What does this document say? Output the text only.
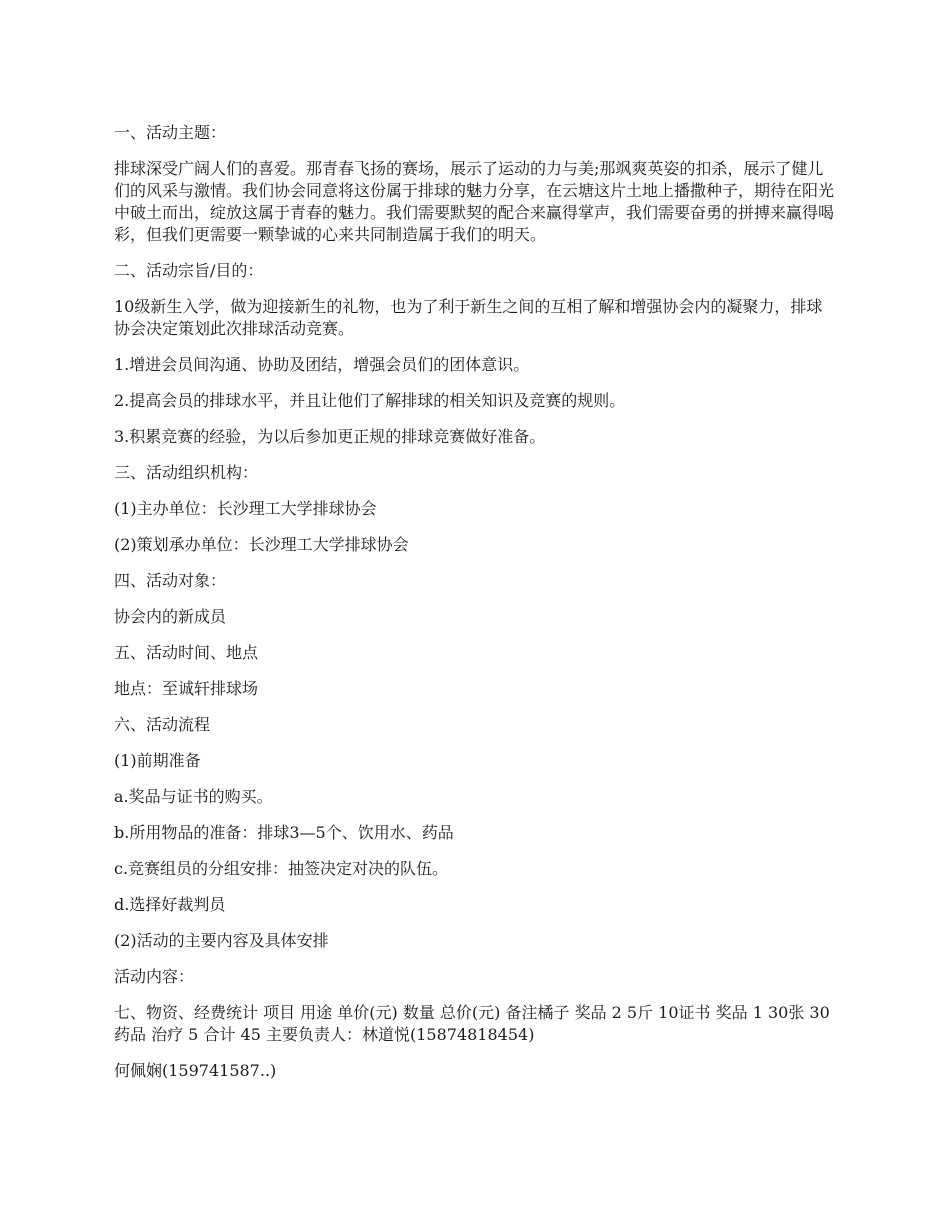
一、活动主题：

排球深受广阔人们的喜爱。那青春飞扬的赛场，展示了运动的力与美;那飒爽英姿的扣杀，展示了健儿们的风采与激情。我们协会同意将这份属于排球的魅力分享，在云塘这片土地上播撒种子，期待在阳光中破土而出，绽放这属于青春的魅力。我们需要默契的配合来赢得掌声，我们需要奋勇的拼搏来赢得喝彩，但我们更需要一颗挚诚的心来共同制造属于我们的明天。

二、活动宗旨/目的：

10级新生入学，做为迎接新生的礼物，也为了利于新生之间的互相了解和增强协会内的凝聚力，排球协会决定策划此次排球活动竞赛。

1.增进会员间沟通、协助及团结，增强会员们的团体意识。

2.提高会员的排球水平，并且让他们了解排球的相关知识及竞赛的规则。

3.积累竞赛的经验，为以后参加更正规的排球竞赛做好准备。

三、活动组织机构：

(1)主办单位：长沙理工大学排球协会

(2)策划承办单位：长沙理工大学排球协会

四、活动对象：

协会内的新成员

五、活动时间、地点

地点：至诚轩排球场

六、活动流程

(1)前期准备

a.奖品与证书的购买。

b.所用物品的准备：排球3—5个、饮用水、药品

c.竞赛组员的分组安排：抽签决定对决的队伍。

d.选择好裁判员

(2)活动的主要内容及具体安排

活动内容：

七、物资、经费统计 项目 用途 单价(元) 数量 总价(元) 备注橘子 奖品 2 5斤 10证书 奖品 1 30张 30药品 治疗 5 合计 45 主要负责人：林道悦(15874818454)

何佩娴(159741587..)
